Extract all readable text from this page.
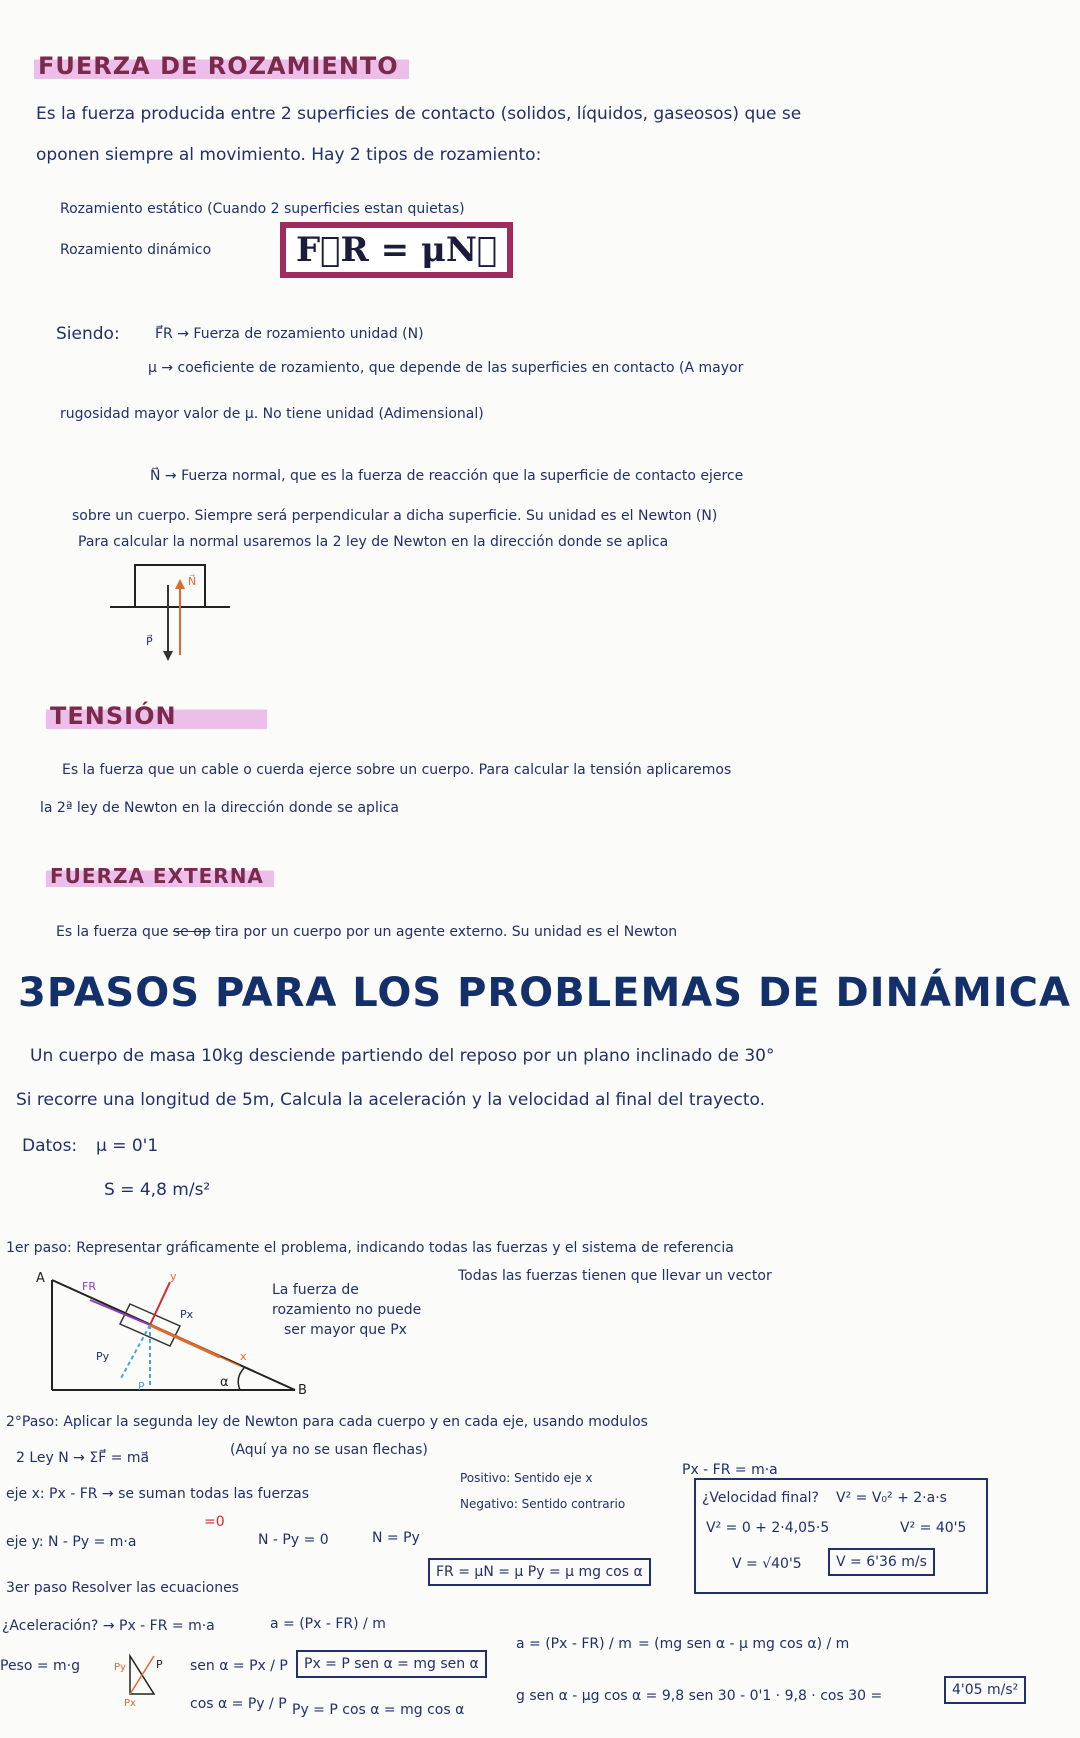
FUERZA DE ROZAMIENTO
Es la fuerza producida entre 2 superficies de contacto (solidos, líquidos, gaseosos) que se
oponen siempre al movimiento. Hay 2 tipos de rozamiento:
Rozamiento estático (Cuando 2 superficies estan quietas)
Rozamiento dinámico	F⃗R = μN⃗
Siendo:	F⃗R → Fuerza de rozamiento unidad (N)
μ → coeficiente de rozamiento, que depende de las superficies en contacto (A mayor
rugosidad mayor valor de μ. No tiene unidad (Adimensional)
N⃗ → Fuerza normal, que es la fuerza de reacción que la superficie de contacto ejerce
sobre un cuerpo. Siempre será perpendicular a dicha superficie. Su unidad es el Newton (N)
Para calcular la normal usaremos la 2 ley de Newton en la dirección donde se aplica
N⃗
P⃗
TENSIÓN
Es la fuerza que un cable o cuerda ejerce sobre un cuerpo. Para calcular la tensión aplicaremos
la 2ª ley de Newton en la dirección donde se aplica
FUERZA EXTERNA
Es la fuerza que se op tira por un cuerpo por un agente externo. Su unidad es el Newton
3PASOS PARA LOS PROBLEMAS DE DINÁMICA
Un cuerpo de masa 10kg desciende partiendo del reposo por un plano inclinado de 30°
Si recorre una longitud de 5m, Calcula la aceleración y la velocidad al final del trayecto.
Datos: μ = 0'1
S = 4,8 m/s²
1er paso: Representar gráficamente el problema, indicando todas las fuerzas y el sistema de referencia
Todas las fuerzas tienen que llevar un vector
La fuerza de
rozamiento no puede
ser mayor que Px
A
B
α
FR
Px
Py
P
y
x
2°Paso: Aplicar la segunda ley de Newton para cada cuerpo y en cada eje, usando modulos
2 Ley N → ΣF⃗ = ma⃗	(Aquí ya no se usan flechas)
eje x: Px - FR → se suman todas las fuerzas
Positivo: Sentido eje x
Negativo: Sentido contrario
Px - FR = m·a
eje y: N - Py = m·a
=0
N - Py = 0	N = Py
FR = μN = μ Py = μ mg cos α
¿Velocidad final? V² = V₀² + 2·a·s
V² = 0 + 2·4,05·5	V² = 40'5
V = √40'5	V = 6'36 m/s
3er paso Resolver las ecuaciones
¿Aceleración? → Px - FR = m·a	a = (Px - FR) / m
Peso = m·g	P
Py
Px
sen α = Px / P	Px = P sen α = mg sen α
cos α = Py / P Py = P cos α = mg cos α
a = (Px - FR) / m = (mg sen α - μ mg cos α) / m
g sen α - μg cos α = 9,8 sen 30 - 0'1 · 9,8 · cos 30 =	4'05 m/s²
